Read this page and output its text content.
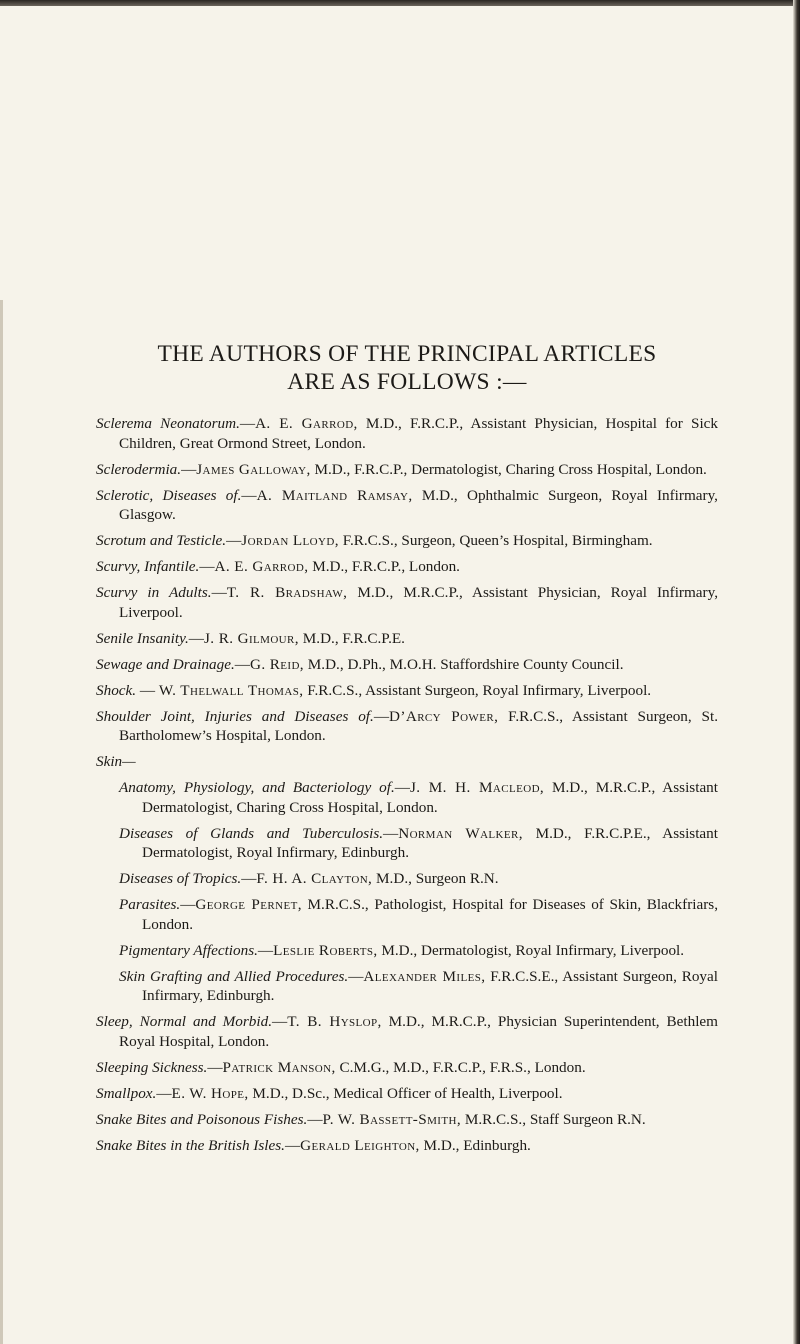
THE AUTHORS OF THE PRINCIPAL ARTICLES
ARE AS FOLLOWS :—

Sclerema Neonatorum.—A. E. Garrod, M.D., F.R.C.P., Assistant Physician, Hospital for Sick Children, Great Ormond Street, London.

Sclerodermia.—James Galloway, M.D., F.R.C.P., Dermatologist, Charing Cross Hospital, London.

Sclerotic, Diseases of.—A. Maitland Ramsay, M.D., Ophthalmic Surgeon, Royal Infirmary, Glasgow.

Scrotum and Testicle.—Jordan Lloyd, F.R.C.S., Surgeon, Queen’s Hospital, Birmingham.

Scurvy, Infantile.—A. E. Garrod, M.D., F.R.C.P., London.

Scurvy in Adults.—T. R. Bradshaw, M.D., M.R.C.P., Assistant Physician, Royal Infirmary, Liverpool.

Senile Insanity.—J. R. Gilmour, M.D., F.R.C.P.E.

Sewage and Drainage.—G. Reid, M.D., D.Ph., M.O.H. Staffordshire County Council.

Shock. — W. Thelwall Thomas, F.R.C.S., Assistant Surgeon, Royal Infirmary, Liverpool.

Shoulder Joint, Injuries and Diseases of.—D’Arcy Power, F.R.C.S., Assistant Surgeon, St. Bartholomew’s Hospital, London.

Skin—

Anatomy, Physiology, and Bacteriology of.—J. M. H. Macleod, M.D., M.R.C.P., Assistant Dermatologist, Charing Cross Hospital, London.

Diseases of Glands and Tuberculosis.—Norman Walker, M.D., F.R.C.P.E., Assistant Dermatologist, Royal Infirmary, Edinburgh.

Diseases of Tropics.—F. H. A. Clayton, M.D., Surgeon R.N.

Parasites.—George Pernet, M.R.C.S., Pathologist, Hospital for Diseases of Skin, Blackfriars, London.

Pigmentary Affections.—Leslie Roberts, M.D., Dermatologist, Royal Infirmary, Liverpool.

Skin Grafting and Allied Procedures.—Alexander Miles, F.R.C.S.E., Assistant Surgeon, Royal Infirmary, Edinburgh.

Sleep, Normal and Morbid.—T. B. Hyslop, M.D., M.R.C.P., Physician Superintendent, Bethlem Royal Hospital, London.

Sleeping Sickness.—Patrick Manson, C.M.G., M.D., F.R.C.P., F.R.S., London.

Smallpox.—E. W. Hope, M.D., D.Sc., Medical Officer of Health, Liverpool.

Snake Bites and Poisonous Fishes.—P. W. Bassett-Smith, M.R.C.S., Staff Surgeon R.N.

Snake Bites in the British Isles.—Gerald Leighton, M.D., Edinburgh.
